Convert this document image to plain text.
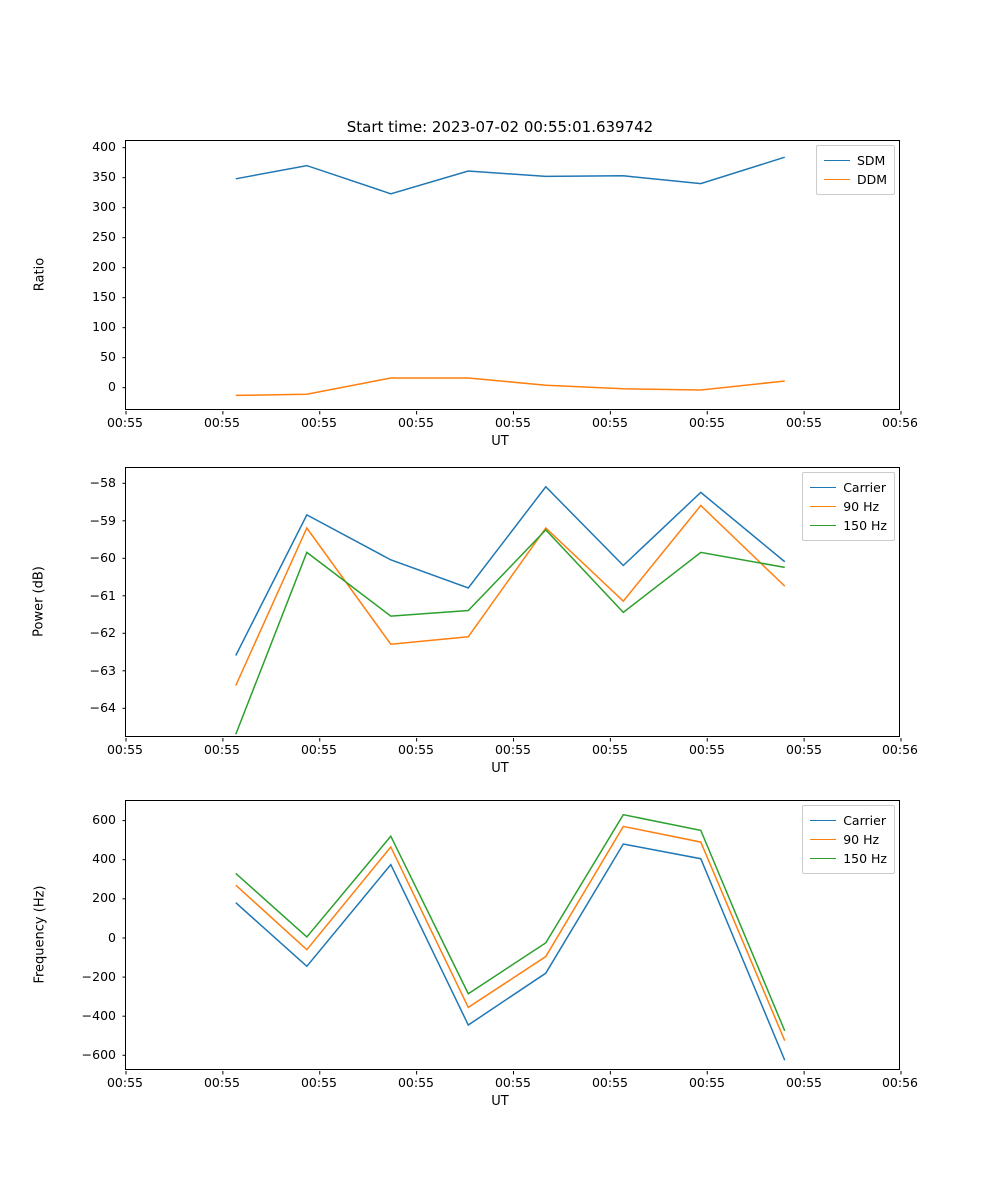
Start time: 2023-07-02 00:55:01.639742
SDM
DDM
0
50
100
150
200
250
300
350
400
00:55	00:55	00:55	00:55	00:55	00:55	00:55	00:55	00:56
UT
Ratio
Carrier
90 Hz
150 Hz
−64
−63
−62
−61
−60
−59
−58
00:55	00:55	00:55	00:55	00:55	00:55	00:55	00:55	00:56
UT
Power (dB)
Carrier
90 Hz
150 Hz
−600
−400
−200
0
200
400
600
00:55	00:55	00:55	00:55	00:55	00:55	00:55	00:55	00:56
UT
Frequency (Hz)
